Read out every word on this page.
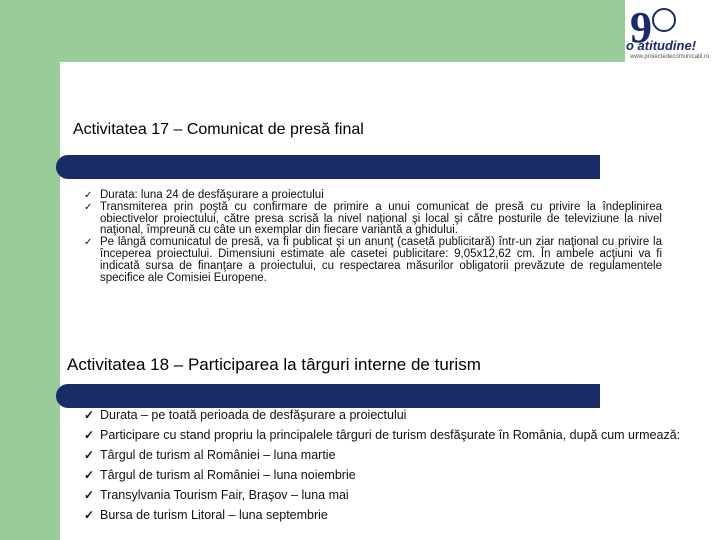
9
o atitudine!
www.proiectedecomunicatii.ro
Activitatea 17 – Comunicat de presă final
✓ Durata: luna 24 de desfăşurare a proiectului
✓ Transmiterea prin poştă cu confirmare de primire a unui comunicat de presă cu privire la îndeplinirea obiectivelor proiectului, către presa scrisă la nivel naţional şi local şi către posturile de televiziune la nivel naţional, împreună cu câte un exemplar din fiecare variantă a ghidului.
✓ Pe lângă comunicatul de presă, va fi publicat şi un anunţ (casetă publicitară) într-un ziar naţional cu privire la începerea proiectului. Dimensiuni estimate ale casetei publicitare: 9,05x12,62 cm. În ambele acţiuni va fi indicată sursa de finanţare a proiectului, cu respectarea măsurilor obligatorii prevăzute de regulamentele specifice ale Comisiei Europene.
Activitatea 18 – Participarea la târguri interne de turism
✓ Durata – pe toată perioada de desfăşurare a proiectului
✓ Participare cu stand propriu la principalele târguri de turism desfăşurate în România, după cum urmează:
✓ Târgul de turism al României – luna martie
✓ Târgul de turism al României – luna noiembrie
✓ Transylvania Tourism Fair, Braşov – luna mai
✓ Bursa de turism Litoral – luna septembrie
